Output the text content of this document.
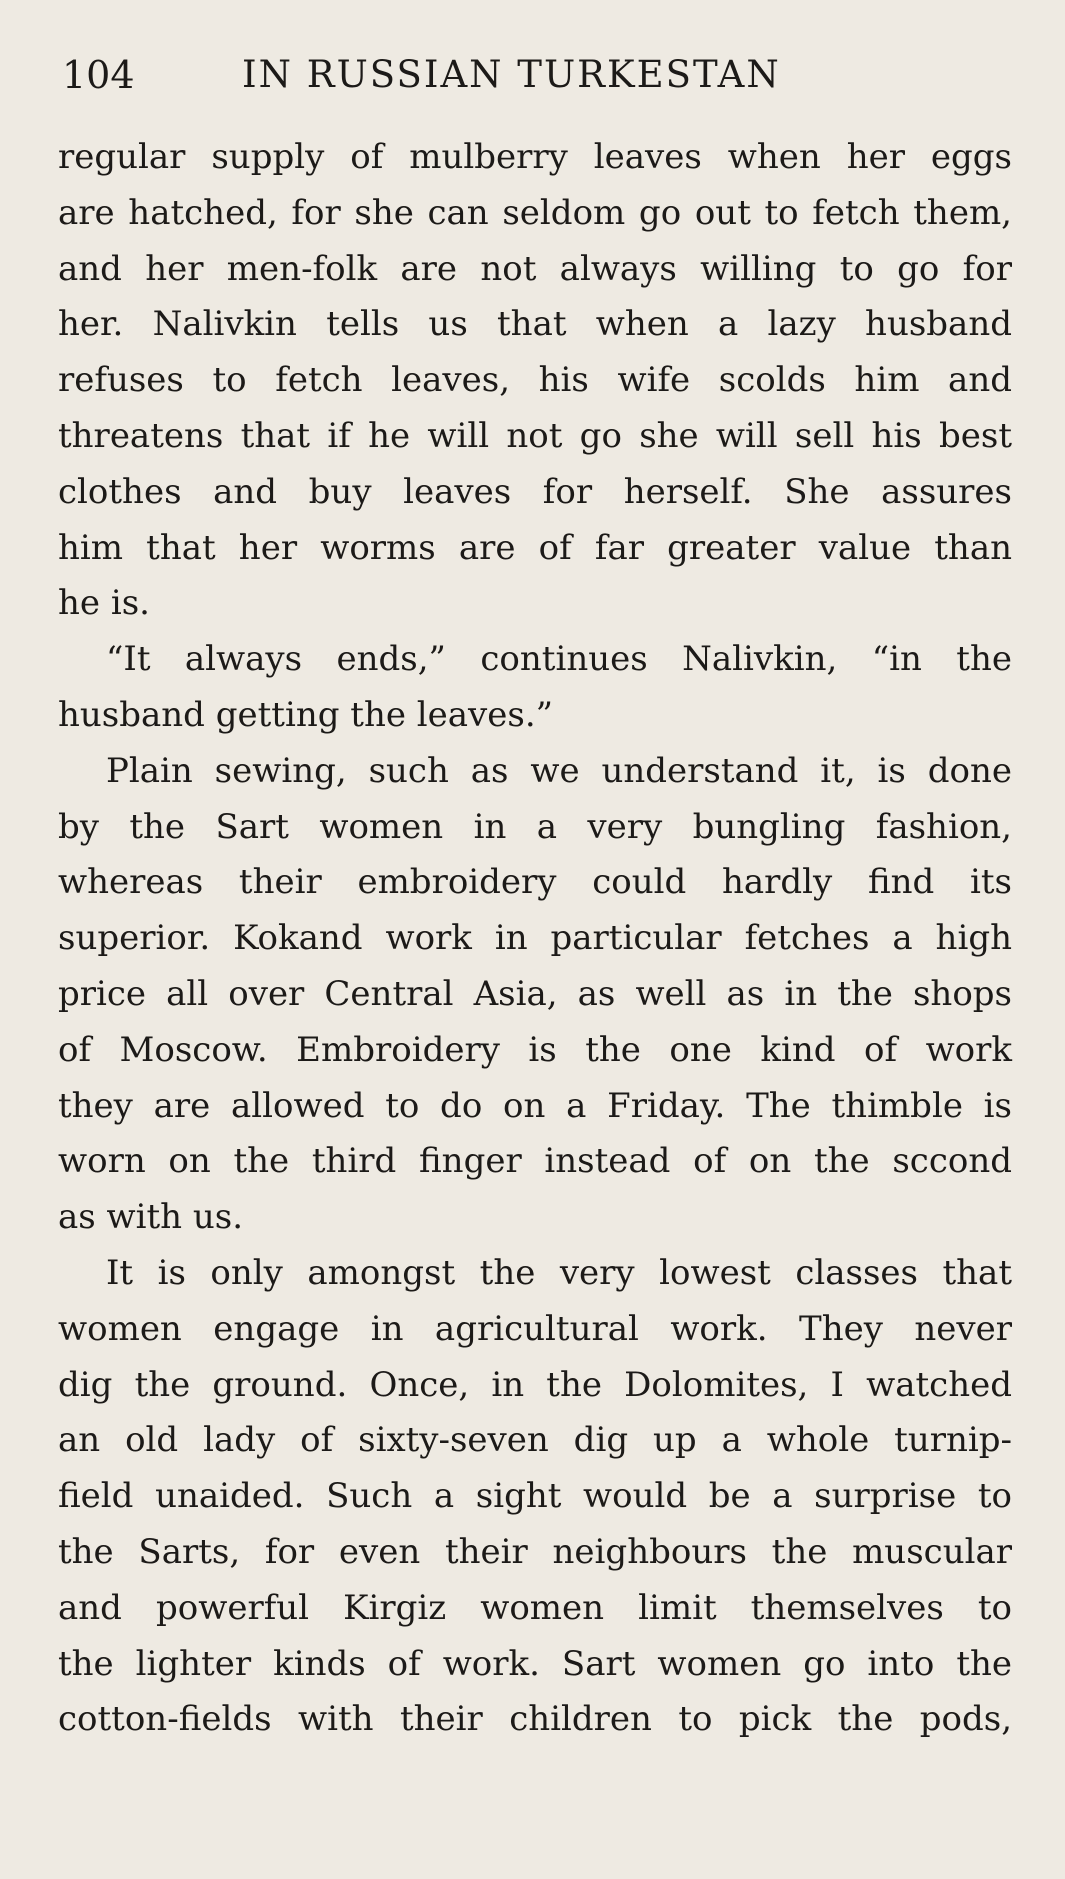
104	IN RUSSIAN TURKESTAN
regular supply of mulberry leaves when her eggs
are hatched, for she can seldom go out to fetch them,
and her men-folk are not always willing to go for
her. Nalivkin tells us that when a lazy husband
refuses to fetch leaves, his wife scolds him and
threatens that if he will not go she will sell his best
clothes and buy leaves for herself. She assures
him that her worms are of far greater value than
he is.
“It always ends,” continues Nalivkin, “in the
husband getting the leaves.”
Plain sewing, such as we understand it, is done
by the Sart women in a very bungling fashion,
whereas their embroidery could hardly find its
superior. Kokand work in particular fetches a high
price all over Central Asia, as well as in the shops
of Moscow. Embroidery is the one kind of work
they are allowed to do on a Friday. The thimble is
worn on the third finger instead of on the sccond
as with us.
It is only amongst the very lowest classes that
women engage in agricultural work. They never
dig the ground. Once, in the Dolomites, I watched
an old lady of sixty-seven dig up a whole turnip-
field unaided. Such a sight would be a surprise to
the Sarts, for even their neighbours the muscular
and powerful Kirgiz women limit themselves to
the lighter kinds of work. Sart women go into the
cotton-fields with their children to pick the pods,
